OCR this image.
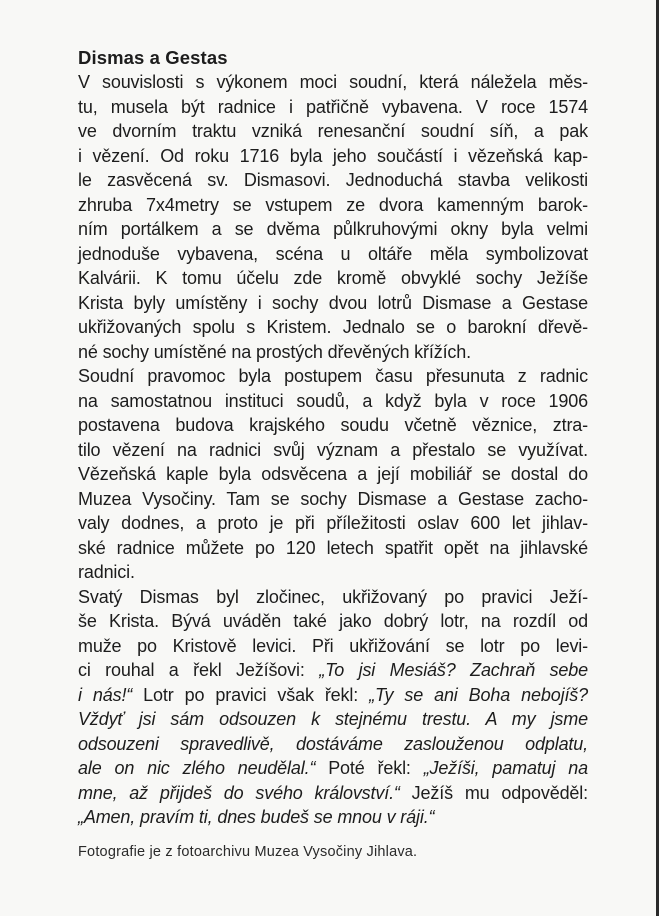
Dismas a Gestas
V souvislosti s výkonem moci soudní, která náležela měs-
tu, musela být radnice i patřičně vybavena. V roce 1574
ve dvorním traktu vzniká renesanční soudní síň, a pak
i vězení. Od roku 1716 byla jeho součástí i vězeňská kap-
le zasvěcená sv. Dismasovi. Jednoduchá stavba velikosti
zhruba 7x4metry se vstupem ze dvora kamenným barok-
ním portálkem a se dvěma půlkruhovými okny byla velmi
jednoduše vybavena, scéna u oltáře měla symbolizovat
Kalvárii. K tomu účelu zde kromě obvyklé sochy Ježíše
Krista byly umístěny i sochy dvou lotrů Dismase a Gestase
ukřižovaných spolu s Kristem. Jednalo se o barokní dřevě-
né sochy umístěné na prostých dřevěných křížích.
Soudní pravomoc byla postupem času přesunuta z radnic
na samostatnou instituci soudů, a když byla v roce 1906
postavena budova krajského soudu včetně věznice, ztra-
tilo vězení na radnici svůj význam a přestalo se využívat.
Vězeňská kaple byla odsvěcena a její mobiliář se dostal do
Muzea Vysočiny. Tam se sochy Dismase a Gestase zacho-
valy dodnes, a proto je při příležitosti oslav 600 let jihlav-
ské radnice můžete po 120 letech spatřit opět na jihlavské
radnici.
Svatý Dismas byl zločinec, ukřižovaný po pravici Ježí-
še Krista. Bývá uváděn také jako dobrý lotr, na rozdíl od
muže po Kristově levici. Při ukřižování se lotr po levi-
ci rouhal a řekl Ježíšovi: „To jsi Mesiáš? Zachraň sebe
i nás!“ Lotr po pravici však řekl: „Ty se ani Boha nebojíš?
Vždyť jsi sám odsouzen k stejnému trestu. A my jsme
odsouzeni spravedlivě, dostáváme zaslouženou odplatu,
ale on nic zlého neudělal.“ Poté řekl: „Ježíši, pamatuj na
mne, až přijdeš do svého království.“ Ježíš mu odpověděl:
„Amen, pravím ti, dnes budeš se mnou v ráji.“
Fotografie je z fotoarchivu Muzea Vysočiny Jihlava.
